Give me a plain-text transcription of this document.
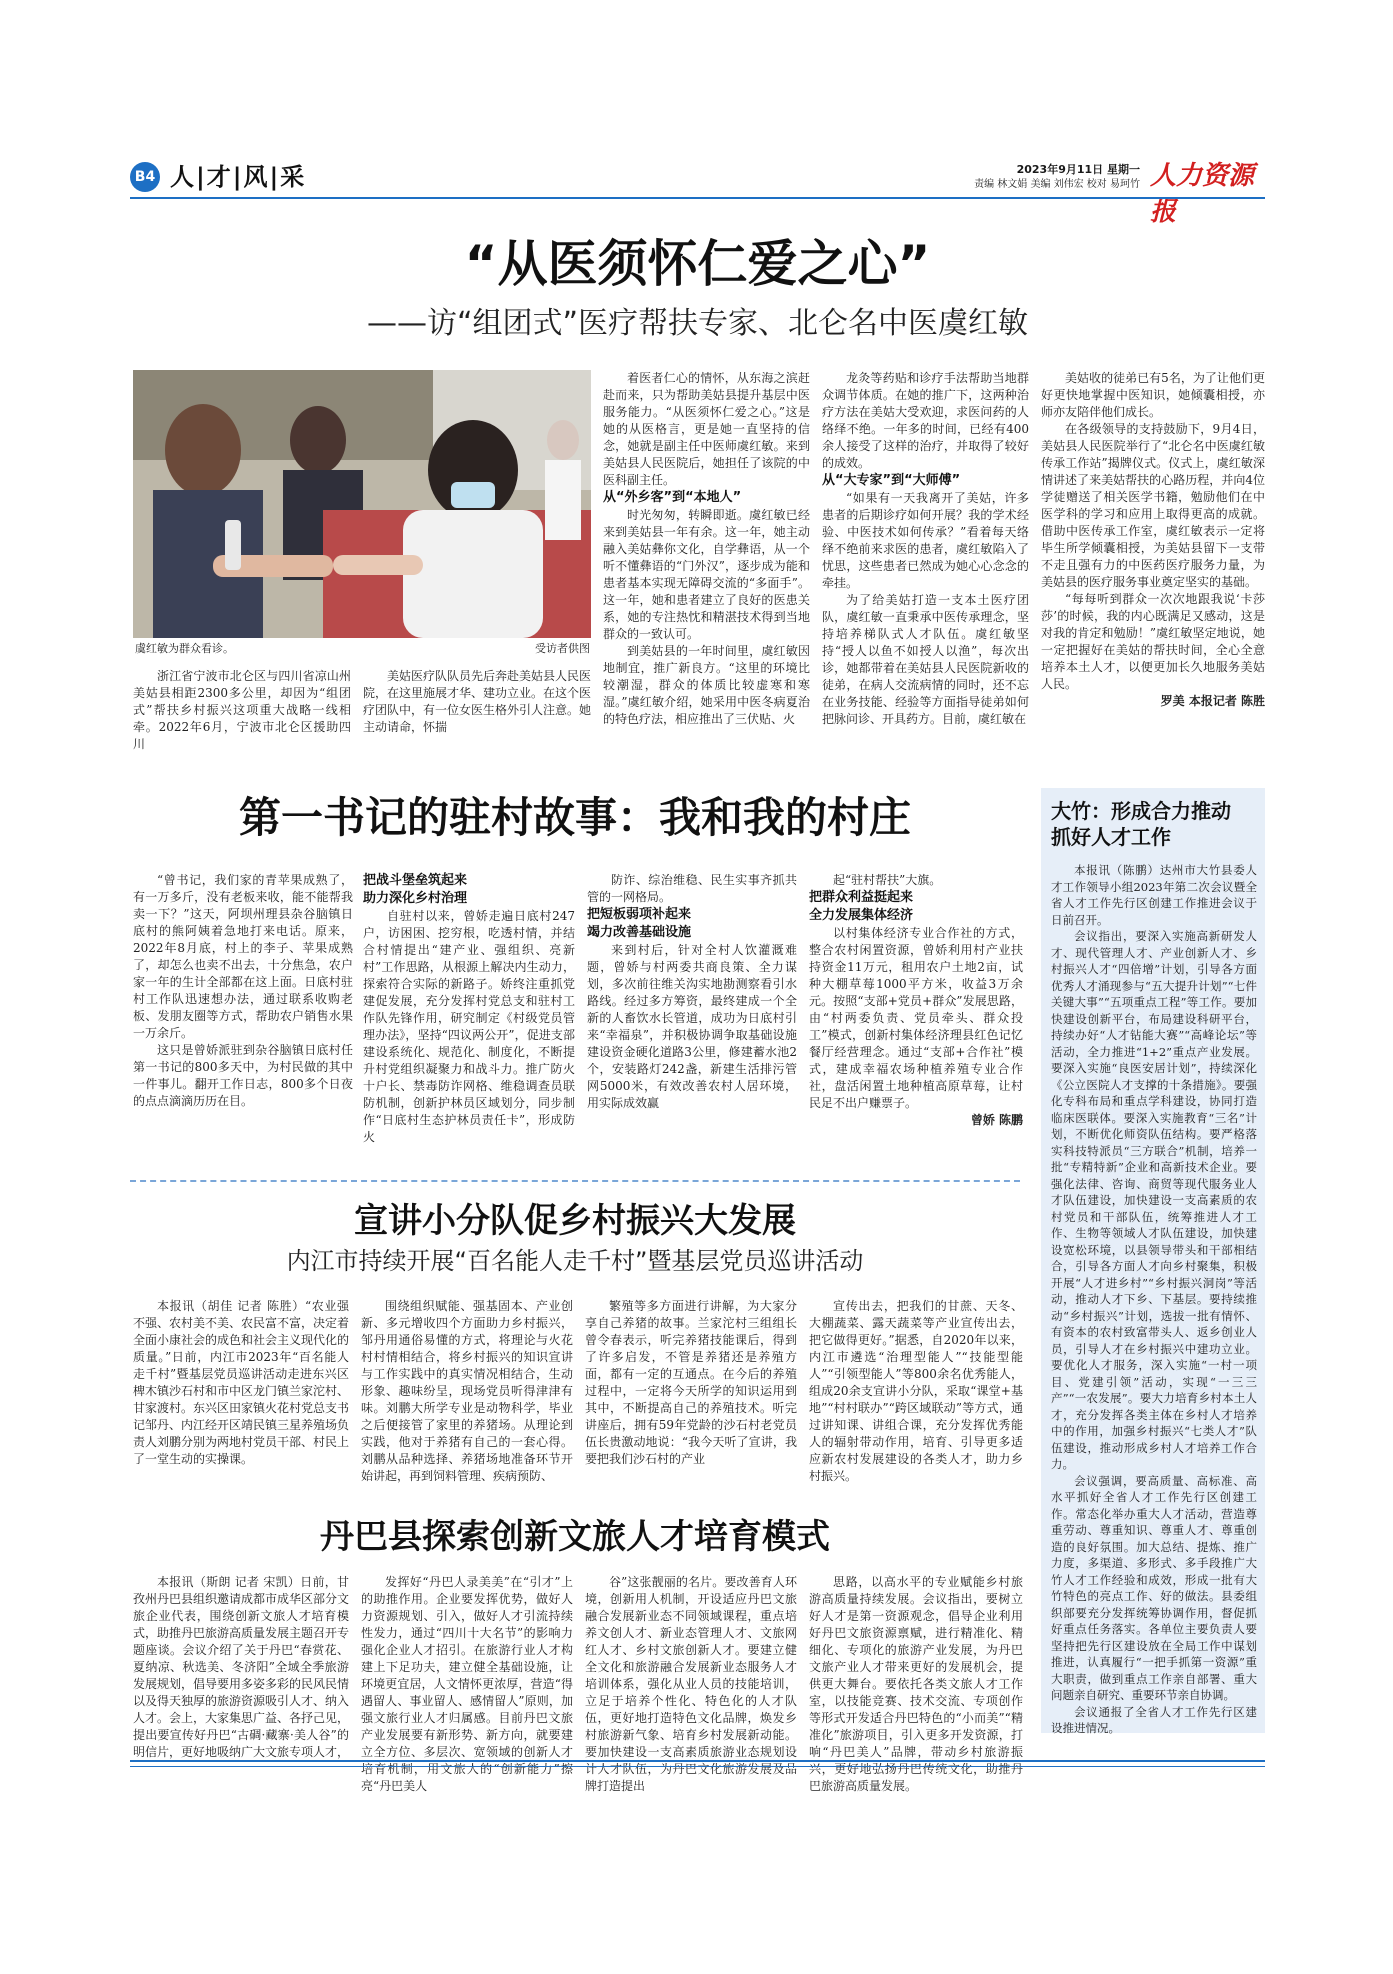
B4 人|才|风|采	2023年9月11日 星期一
责编 林文娟 美编 刘伟宏 校对 易珂竹 人力资源报
“从医须怀仁爱之心”
——访“组团式”医疗帮扶专家、北仑名中医虞红敏
虞红敏为群众看诊。	受访者供图

浙江省宁波市北仑区与四川省凉山州美姑县相距2300多公里，却因为“组团式”帮扶乡村振兴这项重大战略一线相牵。2022年6月，宁波市北仑区援助四川

美姑医疗队队员先后奔赴美姑县人民医院，在这里施展才华、建功立业。在这个医疗团队中，有一位女医生格外引人注意。她主动请命，怀揣

着医者仁心的情怀，从东海之滨赶赴而来，只为帮助美姑县提升基层中医服务能力。“从医须怀仁爱之心。”这是她的从医格言，更是她一直坚持的信念，她就是副主任中医师虞红敏。来到美姑县人民医院后，她担任了该院的中医科副主任。

从“外乡客”到“本地人”

时光匆匆，转瞬即逝。虞红敏已经来到美姑县一年有余。这一年，她主动融入美姑彝你文化，自学彝语，从一个听不懂彝语的“门外汉”，逐步成为能和患者基本实现无障碍交流的“多面手”。这一年，她和患者建立了良好的医患关系，她的专注热忱和精湛技术得到当地群众的一致认可。

到美姑县的一年时间里，虞红敏因地制宜，推广新良方。“这里的环境比较潮湿，群众的体质比较虚寒和寒湿。”虞红敏介绍，她采用中医冬病夏治的特色疗法，相应推出了三伏贴、火

龙灸等药贴和诊疗手法帮助当地群众调节体质。在她的推广下，这两种治疗方法在美姑大受欢迎，求医问药的人络绎不绝。一年多的时间，已经有400余人接受了这样的治疗，并取得了较好的成效。

从“大专家”到“大师傅”

“如果有一天我离开了美姑，许多患者的后期诊疗如何开展？我的学术经验、中医技术如何传承？”看着每天络绎不绝前来求医的患者，虞红敏陷入了忧思，这些患者已然成为她心心念念的牵挂。

为了给美姑打造一支本土医疗团队，虞红敏一直秉承中医传承理念，坚持培养梯队式人才队伍。虞红敏坚持“授人以鱼不如授人以渔”，每次出诊，她都带着在美姑县人民医院新收的徒弟，在病人交流病情的同时，还不忘在业务技能、经验等方面指导徒弟如何把脉问诊、开具药方。目前，虞红敏在

美姑收的徒弟已有5名，为了让他们更好更快地掌握中医知识，她倾囊相授，亦师亦友陪伴他们成长。

在各级领导的支持鼓励下，9月4日，美姑县人民医院举行了“北仑名中医虞红敏传承工作站”揭牌仪式。仪式上，虞红敏深情讲述了来美姑帮扶的心路历程，并向4位学徒赠送了相关医学书籍，勉励他们在中医学科的学习和应用上取得更高的成就。借助中医传承工作室，虞红敏表示一定将毕生所学倾囊相授，为美姑县留下一支带不走且强有力的中医药医疗服务力量，为美姑县的医疗服务事业奠定坚实的基础。

“每每听到群众一次次地跟我说‘卡莎莎’的时候，我的内心既满足又感动，这是对我的肯定和勉励！”虞红敏坚定地说，她一定把握好在美姑的帮扶时间，全心全意培养本土人才，以便更加长久地服务美姑人民。

罗美 本报记者 陈胜

第一书记的驻村故事：我和我的村庄

“曾书记，我们家的青苹果成熟了，有一万多斤，没有老板来收，能不能帮我卖一下？”这天，阿坝州理县杂谷脑镇日底村的熊阿姨着急地打来电话。原来，2022年8月底，村上的李子、苹果成熟了，却怎么也卖不出去，十分焦急，农户家一年的生计全部都在这上面。日底村驻村工作队迅速想办法，通过联系收购老板、发朋友圈等方式，帮助农户销售水果一万余斤。

这只是曾娇派驻到杂谷脑镇日底村任第一书记的800多天中，为村民做的其中一件事儿。翻开工作日志，800多个日夜的点点滴滴历历在目。

把战斗堡垒筑起来
助力深化乡村治理

自驻村以来，曾娇走遍日底村247户，访困困、挖穷根，吃透村情，并结合村情提出“建产业、强组织、亮新村”工作思路，从根源上解决内生动力，探索符合实际的新路子。娇终注重抓党建促发展，充分发挥村党总支和驻村工作队先锋作用，研究制定《村级党员管理办法》，坚持“四议两公开”，促进支部建设系统化、规范化、制度化，不断提升村党组织凝聚力和战斗力。推广防火十户长、禁毒防诈网格、维稳调查员联防机制，创新护林员区域划分，同步制作“日底村生态护林员责任卡”，形成防火

防诈、综治维稳、民生实事齐抓共管的一网格局。

把短板弱项补起来
竭力改善基础设施

来到村后，针对全村人饮灌溉难题，曾娇与村两委共商良策、全力谋划，多次前往维关沟实地勘测察看引水路线。经过多方筹资，最终建成一个全新的人畜饮水长管道，成功为日底村引来“幸福泉”，并积极协调争取基础设施建设资金硬化道路3公里，修建蓄水池2个，安装路灯242盏，新建生活排污管网5000米，有效改善农村人居环境，用实际成效赢

起“驻村帮扶”大旗。

把群众利益挺起来
全力发展集体经济

以村集体经济专业合作社的方式，整合农村闲置资源，曾娇利用村产业扶持资金11万元，租用农户土地2亩，试种大棚草莓1000平方米，收益3万余元。按照“支部+党员+群众”发展思路，由“村两委负责、党员牵头、群众投工”模式，创新村集体经济理县红色记忆餐厅经营理念。通过“支部+合作社”模式，建成幸福农场种植养殖专业合作社，盘活闲置土地种植高原草莓，让村民足不出户赚票子。

曾娇 陈鹏

大竹：形成合力推动
抓好人才工作

本报讯（陈鹏）达州市大竹县委人才工作领导小组2023年第二次会议暨全省人才工作先行区创建工作推进会议于日前召开。

会议指出，要深入实施高新研发人才、现代管理人才、产业创新人才、乡村振兴人才“四倍增”计划，引导各方面优秀人才涌现参与“五大提升计划”“七件关键大事”“五项重点工程”等工作。要加快建设创新平台，布局建设科研平台，持续办好“人才钻能大赛”“高峰论坛”等活动，全力推进“1+2”重点产业发展。要深入实施“良医安居计划”，持续深化《公立医院人才支撑的十条措施》。要强化专科布局和重点学科建设，协同打造临床医联体。要深入实施教育“三名”计划，不断优化师资队伍结构。要严格落实科技特派员“三方联合”机制，培养一批“专精特新”企业和高新技术企业。要强化法律、咨询、商贸等现代服务业人才队伍建设，加快建设一支高素质的农村党员和干部队伍，统筹推进人才工作、生物等领域人才队伍建设，加快建设宽松环境，以县领导带头和干部相结合，引导各方面人才向乡村聚集，积极开展“人才进乡村”“乡村振兴洞岗”等活动，推动人才下乡、下基层。要持续推动“乡村振兴”计划，选拔一批有情怀、有资本的农村致富带头人、返乡创业人员，引导人才在乡村振兴中建功立业。要优化人才服务，深入实施“一村一项目、党建引领”活动，实现“一三三产”“一农发展”。要大力培育乡村本土人才，充分发挥各类主体在乡村人才培养中的作用，加强乡村振兴“七类人才”队伍建设，推动形成乡村人才培养工作合力。

会议强调，要高质量、高标准、高水平抓好全省人才工作先行区创建工作。常态化举办重大人才活动，营造尊重劳动、尊重知识、尊重人才、尊重创造的良好氛围。加大总结、提炼、推广力度，多渠道、多形式、多手段推广大竹人才工作经验和成效，形成一批有大竹特色的亮点工作、好的做法。县委组织部要充分发挥统筹协调作用，督促抓好重点任务落实。各单位主要负责人要坚持把先行区建设放在全局工作中谋划推进，认真履行“一把手抓第一资源”重大职责，做到重点工作亲自部署、重大问题亲自研究、重要环节亲自协调。

会议通报了全省人才工作先行区建设推进情况。

宣讲小分队促乡村振兴大发展
内江市持续开展“百名能人走千村”暨基层党员巡讲活动

本报讯（胡佳 记者 陈胜）“农业强不强、农村美不美、农民富不富，决定着全面小康社会的成色和社会主义现代化的质量。”日前，内江市2023年“百名能人走千村”暨基层党员巡讲活动走进东兴区椑木镇沙石村和市中区龙门镇兰家沱村、甘家渡村。东兴区田家镇火花村党总支书记邹丹、内江经开区靖民镇三星养殖场负责人刘鹏分别为两地村党员干部、村民上了一堂生动的实操课。

围绕组织赋能、强基固本、产业创新、多元增收四个方面助力乡村振兴，邹丹用通俗易懂的方式，将理论与火花村村情相结合，将乡村振兴的知识宣讲与工作实践中的真实情况相结合，生动形象、趣味纷呈，现场党员听得津津有味。刘鹏大所学专业是动物科学，毕业之后便接管了家里的养猪场。从理论到实践，他对于养猪有自己的一套心得。刘鹏从品种选择、养猪场地准备环节开始讲起，再到饲料管理、疾病预防、

繁殖等多方面进行讲解，为大家分享自己养猪的故事。兰家沱村三组组长曾令春表示，听完养猪技能课后，得到了许多启发，不管是养猪还是养殖方面，都有一定的互通点。在今后的养殖过程中，一定将今天所学的知识运用到其中，不断提高自己的养殖技术。听完讲座后，拥有59年党龄的沙石村老党员伍长贵激动地说：“我今天听了宣讲，我要把我们沙石村的产业

宣传出去，把我们的甘蔗、天冬、大棚蔬菜、露天蔬菜等产业宣传出去，把它做得更好。”据悉，自2020年以来，内江市遴选“治理型能人”“技能型能人”“引领型能人”等800余名优秀能人，组成20余支宣讲小分队，采取“课堂+基地”“村村联办”“跨区域联动”等方式，通过讲知课、讲组合课，充分发挥优秀能人的辐射带动作用，培育、引导更多适应新农村发展建设的各类人才，助力乡村振兴。

丹巴县探索创新文旅人才培育模式

本报讯（斯朗 记者 宋凯）日前，甘孜州丹巴县组织邀请成都市成华区部分文旅企业代表，围绕创新文旅人才培育模式，助推丹巴旅游高质量发展主题召开专题座谈。会议介绍了关于丹巴“春赏花、夏纳凉、秋选美、冬济阳”全域全季旅游发展规划，倡导要用多姿多彩的民风民情以及得天独厚的旅游资源吸引人才、纳入人才。会上，大家集思广益、各抒己见，提出要宣传好丹巴“古碉·藏寨·美人谷”的明信片，更好地吸纳广大文旅专项人才，

发挥好“丹巴人录美美”在“引才”上的助推作用。企业要发挥优势，做好人力资源规划、引入，做好人才引流持续性发力，通过“四川十大名节”的影响力强化企业人才招引。在旅游行业人才构建上下足功夫，建立健全基础设施，让环境更宜居，人文情怀更浓厚，营造“得遇留人、事业留人、感情留人”原则，加强文旅行业人才归属感。目前丹巴文旅产业发展要有新形势、新方向，就要建立全方位、多层次、宽领域的创新人才培育机制，用文旅人的“创新能力”擦亮“丹巴美人

谷”这张靓丽的名片。要改善育人环境，创新用人机制，开设适应丹巴文旅融合发展新业态不同领域课程，重点培养文创人才、新业态管理人才、文旅网红人才、乡村文旅创新人才。要建立健全文化和旅游融合发展新业态服务人才培训体系，强化从业人员的技能培训，立足于培养个性化、特色化的人才队伍，更好地打造特色文化品牌，焕发乡村旅游新气象、培育乡村发展新动能。要加快建设一支高素质旅游业态规划设计人才队伍，为丹巴文化旅游发展及品牌打造提出

思路，以高水平的专业赋能乡村旅游高质量持续发展。会议指出，要树立好人才是第一资源观念，倡导企业利用好丹巴文旅资源禀赋，进行精准化、精细化、专项化的旅游产业发展，为丹巴文旅产业人才带来更好的发展机会，提供更大舞台。要依托各类文旅人才工作室，以技能竞赛、技术交流、专项创作等形式开发适合丹巴特色的“小而美”“精准化”旅游项目，引入更多开发资源，打响“丹巴美人”品牌，带动乡村旅游振兴，更好地弘扬丹巴传统文化，助推丹巴旅游高质量发展。
